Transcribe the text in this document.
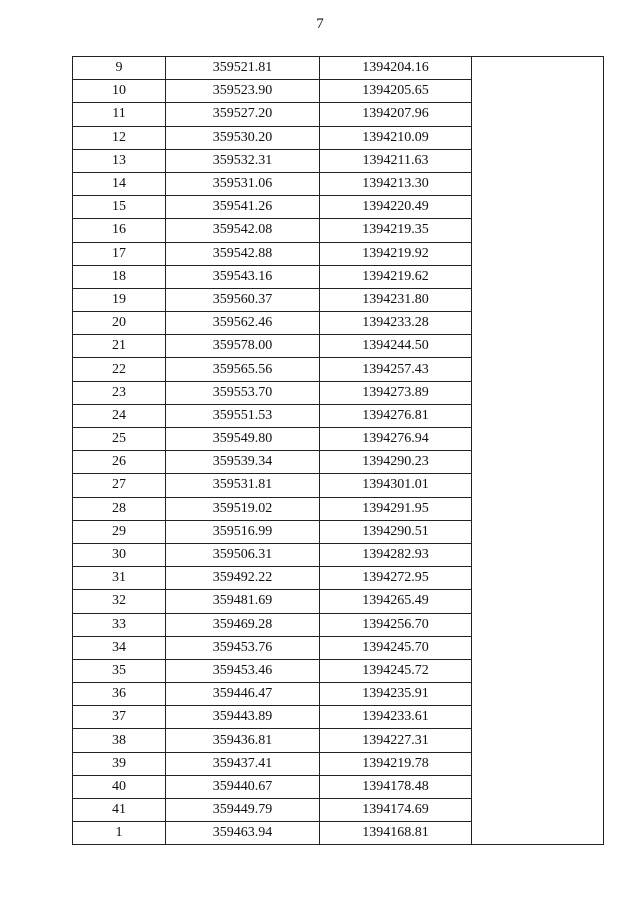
7
9	359521.81	1394204.16	
10	359523.90	1394205.65	
11	359527.20	1394207.96	
12	359530.20	1394210.09	
13	359532.31	1394211.63	
14	359531.06	1394213.30	
15	359541.26	1394220.49	
16	359542.08	1394219.35	
17	359542.88	1394219.92	
18	359543.16	1394219.62	
19	359560.37	1394231.80	
20	359562.46	1394233.28	
21	359578.00	1394244.50	
22	359565.56	1394257.43	
23	359553.70	1394273.89	
24	359551.53	1394276.81	
25	359549.80	1394276.94	
26	359539.34	1394290.23	
27	359531.81	1394301.01	
28	359519.02	1394291.95	
29	359516.99	1394290.51	
30	359506.31	1394282.93	
31	359492.22	1394272.95	
32	359481.69	1394265.49	
33	359469.28	1394256.70	
34	359453.76	1394245.70	
35	359453.46	1394245.72	
36	359446.47	1394235.91	
37	359443.89	1394233.61	
38	359436.81	1394227.31	
39	359437.41	1394219.78	
40	359440.67	1394178.48	
41	359449.79	1394174.69	
1	359463.94	1394168.81	
